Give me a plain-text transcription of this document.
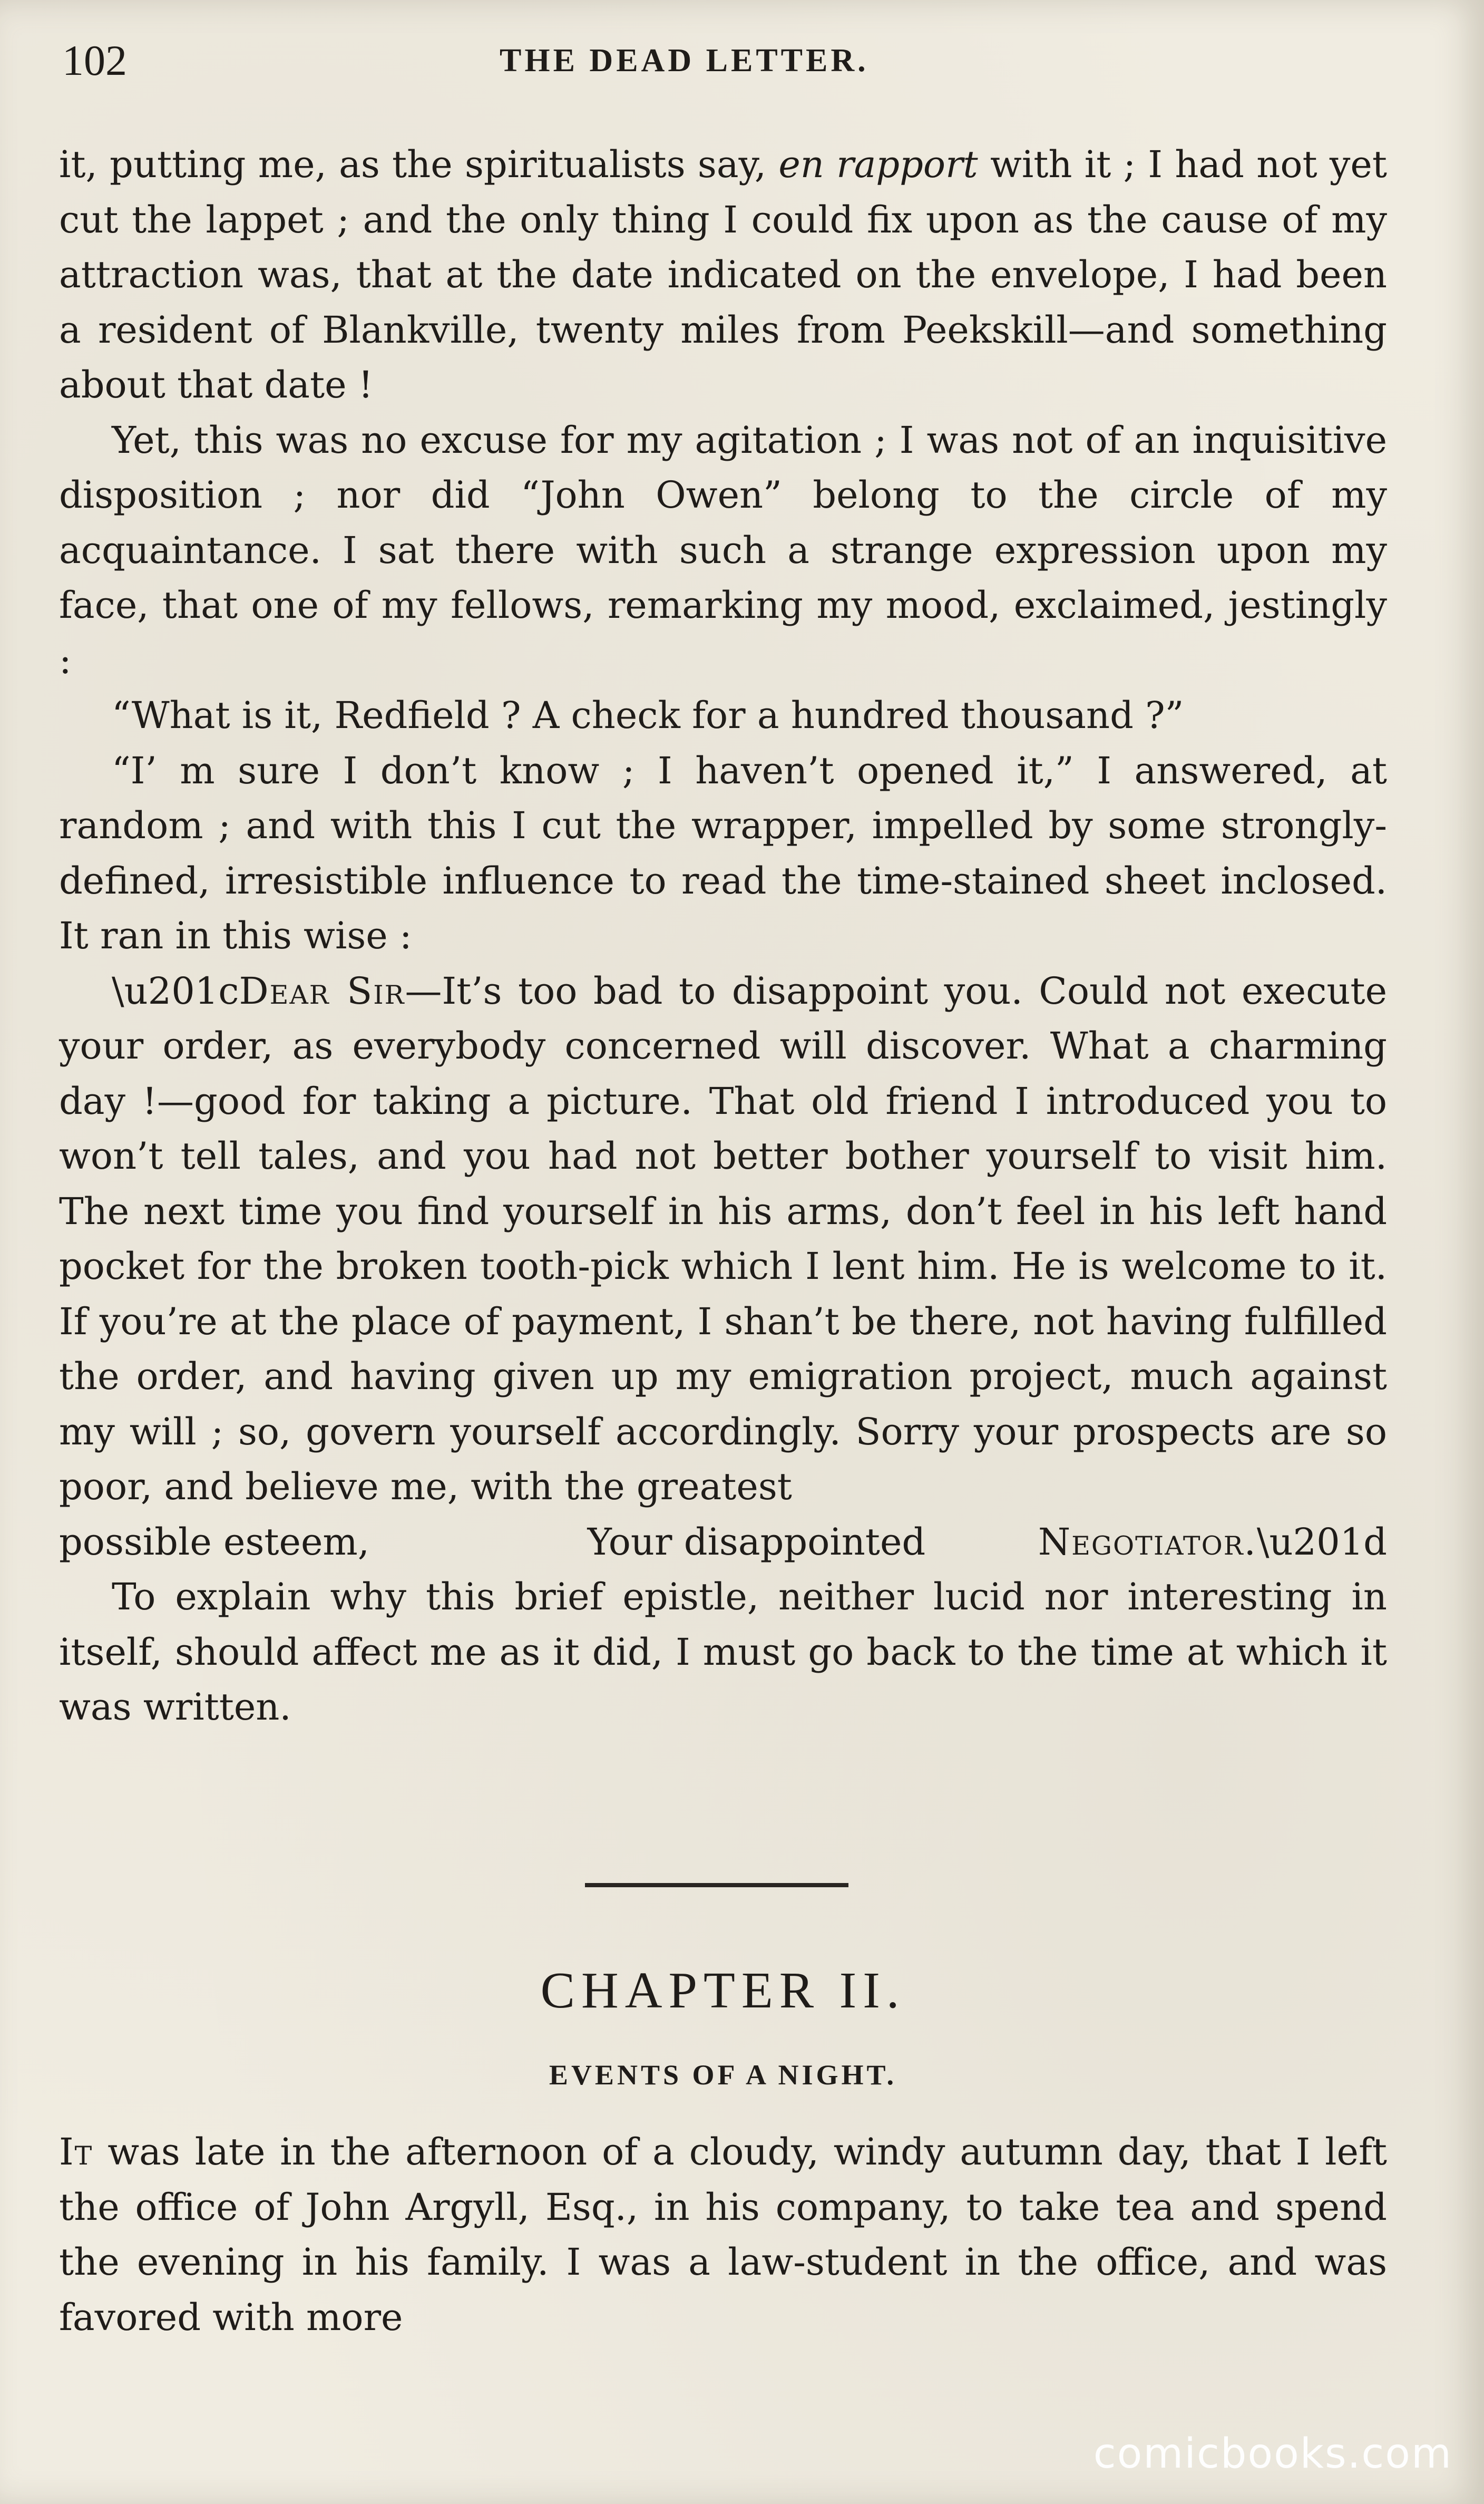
102	THE DEAD LETTER.

it, putting me, as the spiritualists say, en rapport with it ; I had not yet cut the lappet ; and the only thing I could fix upon as the cause of my attraction was, that at the date indicated on the envelope, I had been a resident of Blankville, twenty miles from Peekskill—and something about that date !

Yet, this was no excuse for my agitation ; I was not of an inquisitive disposition ; nor did “John Owen” belong to the circle of my acquaintance. I sat there with such a strange expression upon my face, that one of my fellows, remarking my mood, exclaimed, jestingly :

“What is it, Redfield ? A check for a hundred thousand ?”

“I’ m sure I don’t know ; I haven’t opened it,” I answered, at random ; and with this I cut the wrapper, impelled by some strongly-defined, irresistible influence to read the time-stained sheet inclosed. It ran in this wise :

\u201cDear Sir—It’s too bad to disappoint you. Could not execute your order, as everybody concerned will discover. What a charming day !—good for taking a picture. That old friend I introduced you to won’t tell tales, and you had not better bother yourself to visit him. The next time you find yourself in his arms, don’t feel in his left hand pocket for the broken tooth-pick which I lent him. He is welcome to it. If you’re at the place of payment, I shan’t be there, not having fulfilled the order, and having given up my emigration project, much against my will ; so, govern yourself accordingly. Sorry your prospects are so poor, and believe me, with the greatest

possible esteem,	Your disappointed	Negotiator.\u201d

To explain why this brief epistle, neither lucid nor interesting in itself, should affect me as it did, I must go back to the time at which it was written.

CHAPTER II.
EVENTS OF A NIGHT.

It was late in the afternoon of a cloudy, windy autumn day, that I left the office of John Argyll, Esq., in his company, to take tea and spend the evening in his family. I was a law-student in the office, and was favored with more

comicbooks.com
